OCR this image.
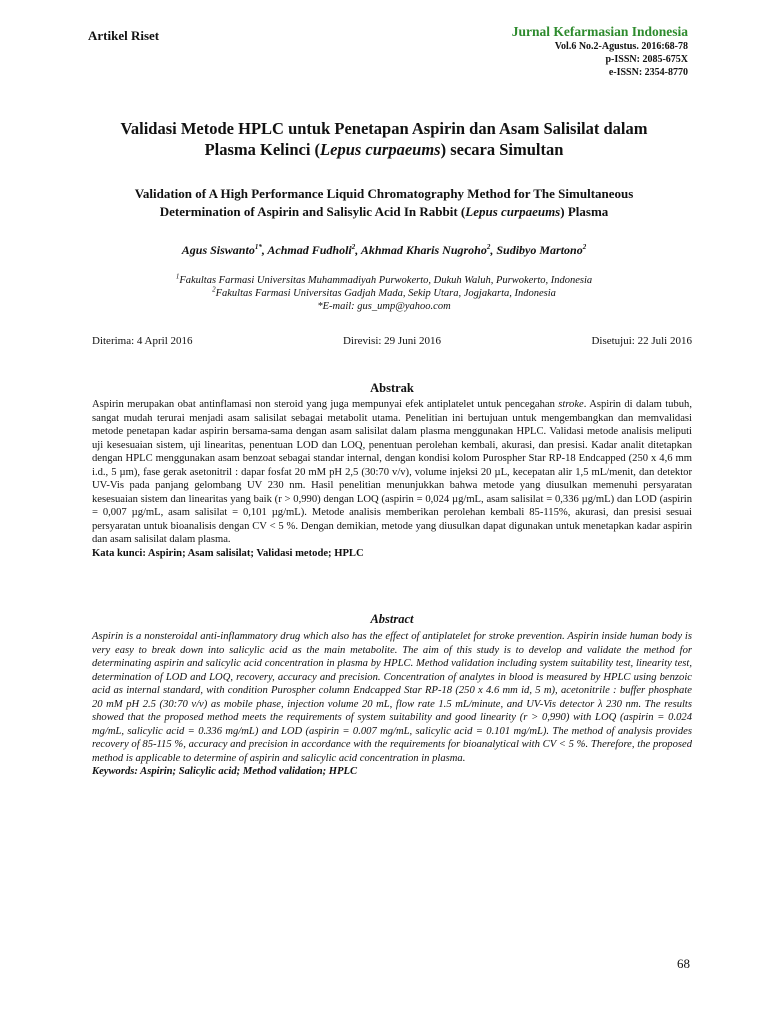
Artikel Riset	Jurnal Kefarmasian Indonesia
Vol.6 No.2-Agustus. 2016:68-78
p-ISSN: 2085-675X
e-ISSN: 2354-8770
Validasi Metode HPLC untuk Penetapan Aspirin dan Asam Salisilat dalam
Plasma Kelinci (Lepus curpaeums) secara Simultan
Validation of A High Performance Liquid Chromatography Method for The Simultaneous
Determination of Aspirin and Salisylic Acid In Rabbit (Lepus curpaeums) Plasma
Agus Siswanto$^{1*}$, Achmad Fudholi$^2$, Akhmad Kharis Nugroho$^2$, Sudibyo Martono$^2$
$^1$Fakultas Farmasi Universitas Muhammadiyah Purwokerto, Dukuh Waluh, Purwokerto, Indonesia
$^2$Fakultas Farmasi Universitas Gadjah Mada, Sekip Utara, Jogjakarta, Indonesia
*E-mail: gus_ump@yahoo.com
Diterima: 4 April 2016	Direvisi: 29 Juni 2016	Disetujui: 22 Juli 2016
Abstrak
Aspirin merupakan obat antinflamasi non steroid yang juga mempunyai efek antiplatelet untuk pencegahan stroke. Aspirin di dalam tubuh, sangat mudah terurai menjadi asam salisilat sebagai metabolit utama. Penelitian ini bertujuan untuk mengembangkan dan memvalidasi metode penetapan kadar aspirin bersama-sama dengan asam salisilat dalam plasma menggunakan HPLC. Validasi metode analisis meliputi uji kesesuaian sistem, uji linearitas, penentuan LOD dan LOQ, penentuan perolehan kembali, akurasi, dan presisi. Kadar analit ditetapkan dengan HPLC menggunakan asam benzoat sebagai standar internal, dengan kondisi kolom Purospher Star RP-18 Endcapped (250 x 4,6 mm i.d., 5 µm), fase gerak asetonitril : dapar fosfat 20 mM pH 2,5 (30:70 v/v), volume injeksi 20 µL, kecepatan alir 1,5 mL/menit, dan detektor UV-Vis pada panjang gelombang UV 230 nm. Hasil penelitian menunjukkan bahwa metode yang diusulkan memenuhi persyaratan kesesuaian sistem dan linearitas yang baik (r > 0,990) dengan LOQ (aspirin = 0,024 µg/mL, asam salisilat = 0,336 µg/mL) dan LOD (aspirin = 0,007 µg/mL, asam salisilat = 0,101 µg/mL). Metode analisis memberikan perolehan kembali 85-115%, akurasi, dan presisi sesuai persyaratan untuk bioanalisis dengan CV < 5 %. Dengan demikian, metode yang diusulkan dapat digunakan untuk menetapkan kadar aspirin dan asam salisilat dalam plasma.
Kata kunci: Aspirin; Asam salisilat; Validasi metode; HPLC
Abstract
Aspirin is a nonsteroidal anti-inflammatory drug which also has the effect of antiplatelet for stroke prevention. Aspirin inside human body is very easy to break down into salicylic acid as the main metabolite. The aim of this study is to develop and validate the method for determinating aspirin and salicylic acid concentration in plasma by HPLC. Method validation including system suitability test, linearity test, determination of LOD and LOQ, recovery, accuracy and precision. Concentration of analytes in blood is measured by HPLC using benzoic acid as internal standard, with condition Purospher column Endcapped Star RP-18 (250 x 4.6 mm id, 5 m), acetonitrile : buffer phosphate 20 mM pH 2.5 (30:70 v/v) as mobile phase, injection volume 20 mL, flow rate 1.5 mL/minute, and UV-Vis detector λ 230 nm. The results showed that the proposed method meets the requirements of system suitability and good linearity (r > 0,990) with LOQ (aspirin = 0.024 mg/mL, salicylic acid = 0.336 mg/mL) and LOD (aspirin = 0.007 mg/mL, salicylic acid = 0.101 mg/mL). The method of analysis provides recovery of 85-115 %, accuracy and precision in accordance with the requirements for bioanalytical with CV < 5 %. Therefore, the proposed method is applicable to determine of aspirin and salicylic acid concentration in plasma.
Keywords: Aspirin; Salicylic acid; Method validation; HPLC
68
